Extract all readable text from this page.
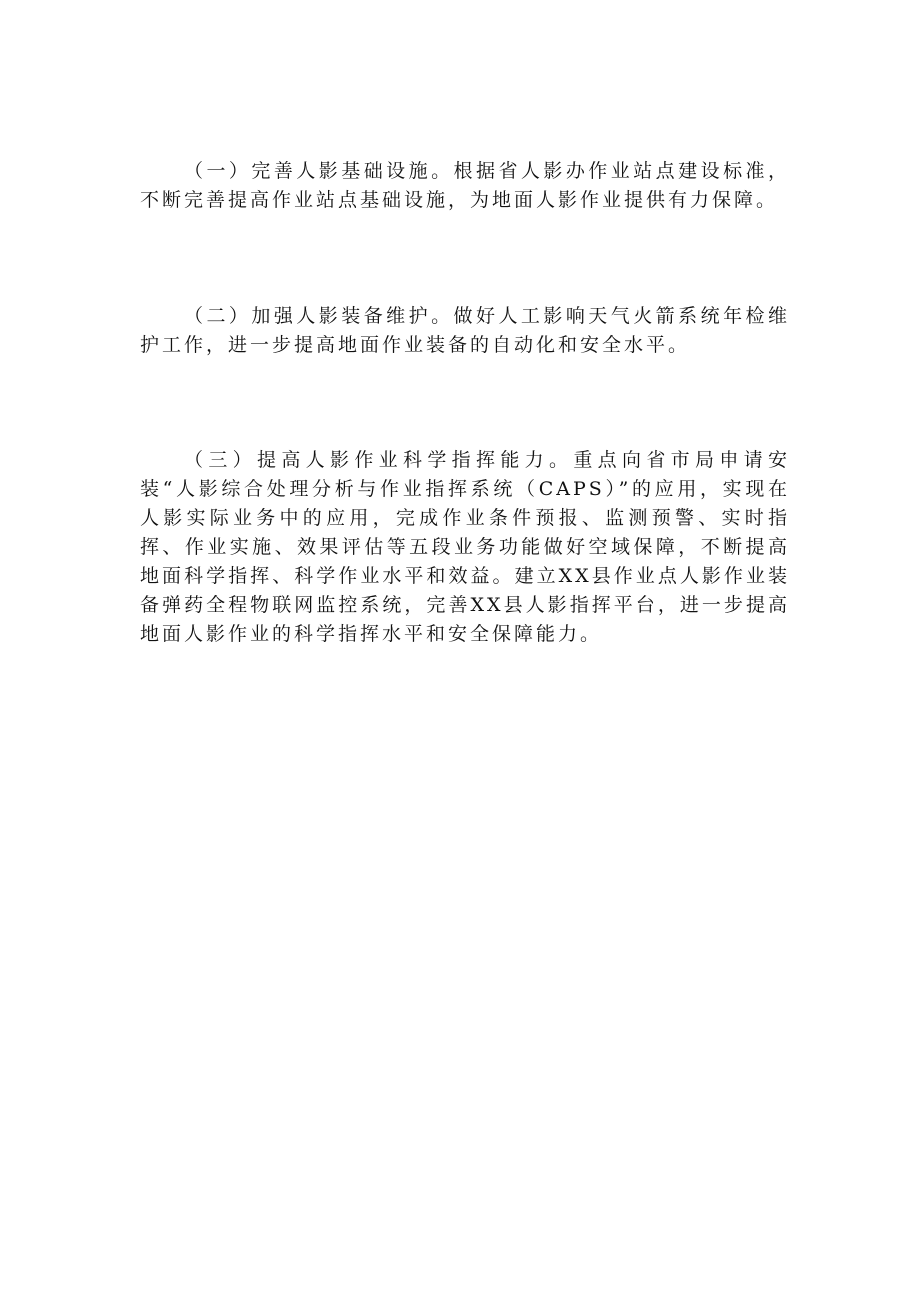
（一）完善人影基础设施。根据省人影办作业站点建设标准，不断完善提高作业站点基础设施，为地面人影作业提供有力保障。

（二）加强人影装备维护。做好人工影响天气火箭系统年检维护工作，进一步提高地面作业装备的自动化和安全水平。

（三）提高人影作业科学指挥能力。重点向省市局申请安装“人影综合处理分析与作业指挥系统（CAPS）”的应用，实现在人影实际业务中的应用，完成作业条件预报、监测预警、实时指挥、作业实施、效果评估等五段业务功能做好空域保障，不断提高地面科学指挥、科学作业水平和效益。建立XX县作业点人影作业装备弹药全程物联网监控系统，完善XX县人影指挥平台，进一步提高地面人影作业的科学指挥水平和安全保障能力。
